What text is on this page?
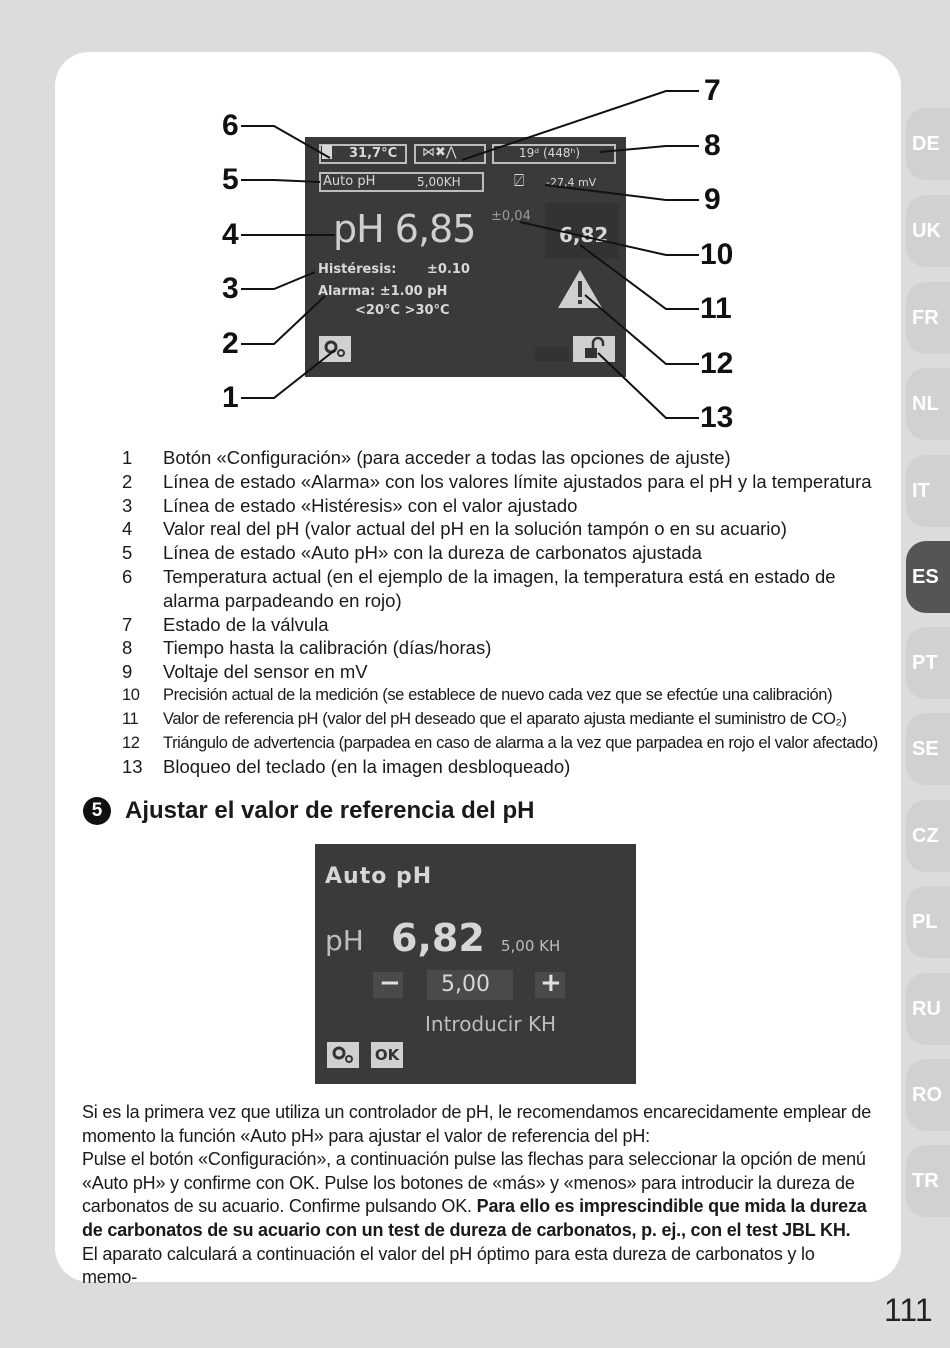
DE
UK
FR
NL
IT
ES
PT
SE
CZ
PL
RU
RO
TR
31,7°C ⋈✖⋀	19ᵈ (448ʰ)
Auto pH	5,00KH	⍁ -27,4 mV
pH 6,85 ±0,04
6,82
Histéresis: ±0.10
Alarma: ±1.00 pH
<20°C >30°C
6
5
4
3
2
1
7
8
9
10
11
12
13
1	Botón «Configuración» (para acceder a todas las opciones de ajuste)
2	Línea de estado «Alarma» con los valores límite ajustados para el pH y la temperatura
3	Línea de estado «Histéresis» con el valor ajustado
4	Valor real del pH (valor actual del pH en la solución tampón o en su acuario)
5	Línea de estado «Auto pH» con la dureza de carbonatos ajustada
6	Temperatura actual (en el ejemplo de la imagen, la temperatura está en estado de alarma parpadeando en rojo)
7	Estado de la válvula
8	Tiempo hasta la calibración (días/horas)
9	Voltaje del sensor en mV
10	Precisión actual de la medición (se establece de nuevo cada vez que se efectúe una calibración)
11	Valor de referencia pH (valor del pH deseado que el aparato ajusta mediante el suministro de CO₂)
12	Triángulo de advertencia (parpadea en caso de alarma a la vez que parpadea en rojo el valor afectado)
13	Bloqueo del teclado (en la imagen desbloqueado)
5 Ajustar el valor de referencia del pH
Auto pH
pH 6,82 5,00 KH
− 5,00 +
Introducir KH
OK

Si es la primera vez que utiliza un controlador de pH, le recomendamos encarecidamente emplear de momento la función «Auto pH» para ajustar el valor de referencia del pH:

Pulse el botón «Configuración», a continuación pulse las flechas para seleccionar la opción de menú «Auto pH» y confirme con OK. Pulse los botones de «más» y «menos» para introducir la dureza de carbonatos de su acuario. Confirme pulsando OK. Para ello es imprescindible que mida la dureza de carbonatos de su acuario con un test de dureza de carbonatos, p. ej., con el test JBL KH.

El aparato calculará a continuación el valor del pH óptimo para esta dureza de carbonatos y lo memo-

111
